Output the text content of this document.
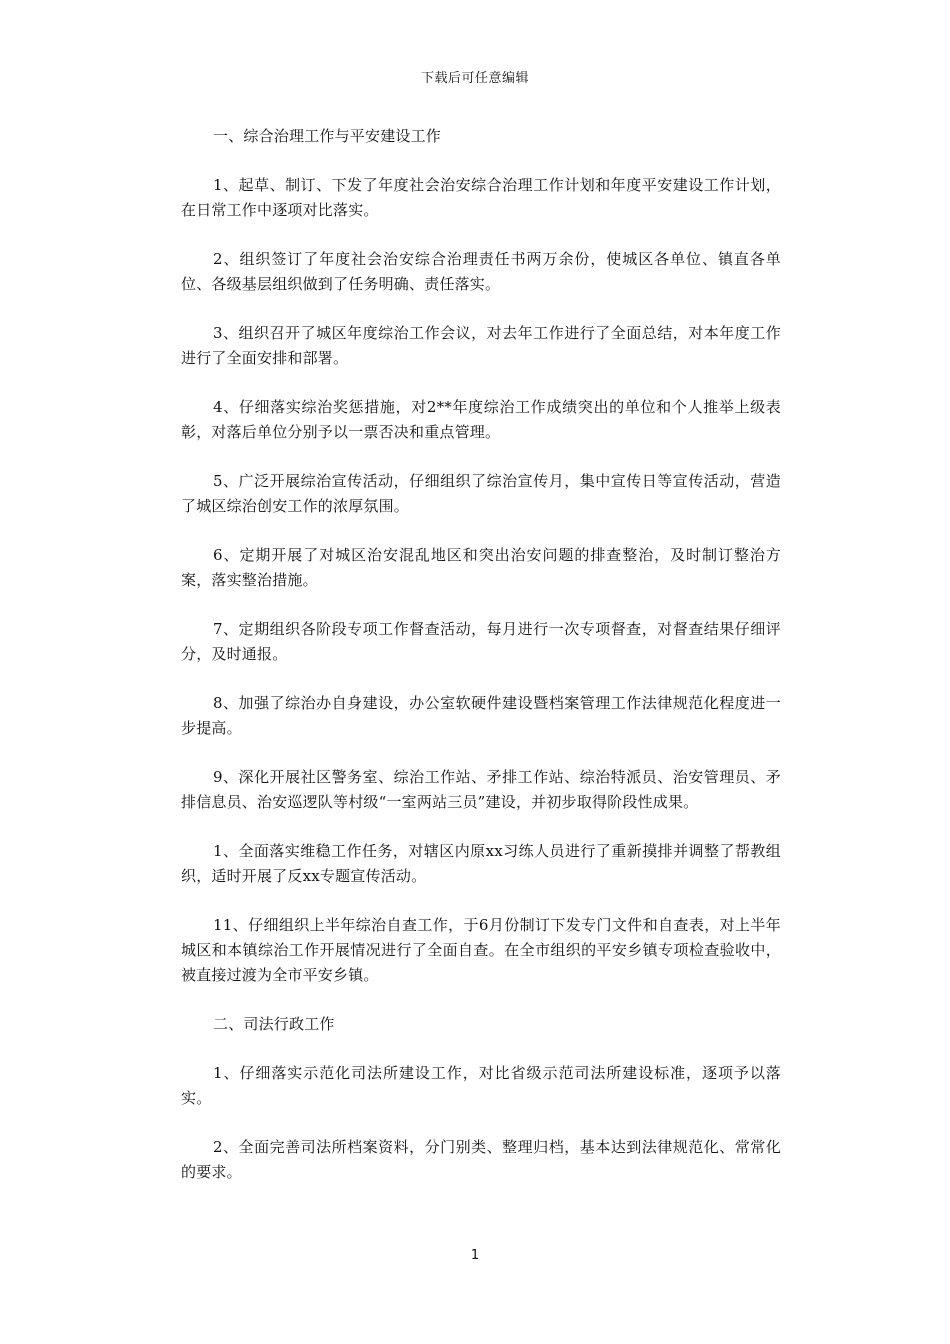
下载后可任意编辑

一、综合治理工作与平安建设工作

1、起草、制订、下发了年度社会治安综合治理工作计划和年度平安建设工作计划，在日常工作中逐项对比落实。

2、组织签订了年度社会治安综合治理责任书两万余份，使城区各单位、镇直各单位、各级基层组织做到了任务明确、责任落实。

3、组织召开了城区年度综治工作会议，对去年工作进行了全面总结，对本年度工作进行了全面安排和部署。

4、仔细落实综治奖惩措施，对2**年度综治工作成绩突出的单位和个人推举上级表彰，对落后单位分别予以一票否决和重点管理。

5、广泛开展综治宣传活动，仔细组织了综治宣传月，集中宣传日等宣传活动，营造了城区综治创安工作的浓厚氛围。

6、定期开展了对城区治安混乱地区和突出治安问题的排查整治，及时制订整治方案，落实整治措施。

7、定期组织各阶段专项工作督查活动，每月进行一次专项督查，对督查结果仔细评分，及时通报。

8、加强了综治办自身建设，办公室软硬件建设暨档案管理工作法律规范化程度进一步提高。

9、深化开展社区警务室、综治工作站、矛排工作站、综治特派员、治安管理员、矛排信息员、治安巡逻队等村级“一室两站三员”建设，并初步取得阶段性成果。

1、全面落实维稳工作任务，对辖区内原xx习练人员进行了重新摸排并调整了帮教组织，适时开展了反xx专题宣传活动。

11、仔细组织上半年综治自查工作，于6月份制订下发专门文件和自查表，对上半年城区和本镇综治工作开展情况进行了全面自查。在全市组织的平安乡镇专项检查验收中，被直接过渡为全市平安乡镇。

二、司法行政工作

1、仔细落实示范化司法所建设工作，对比省级示范司法所建设标准，逐项予以落实。

2、全面完善司法所档案资料，分门别类、整理归档，基本达到法律规范化、常常化的要求。

1
